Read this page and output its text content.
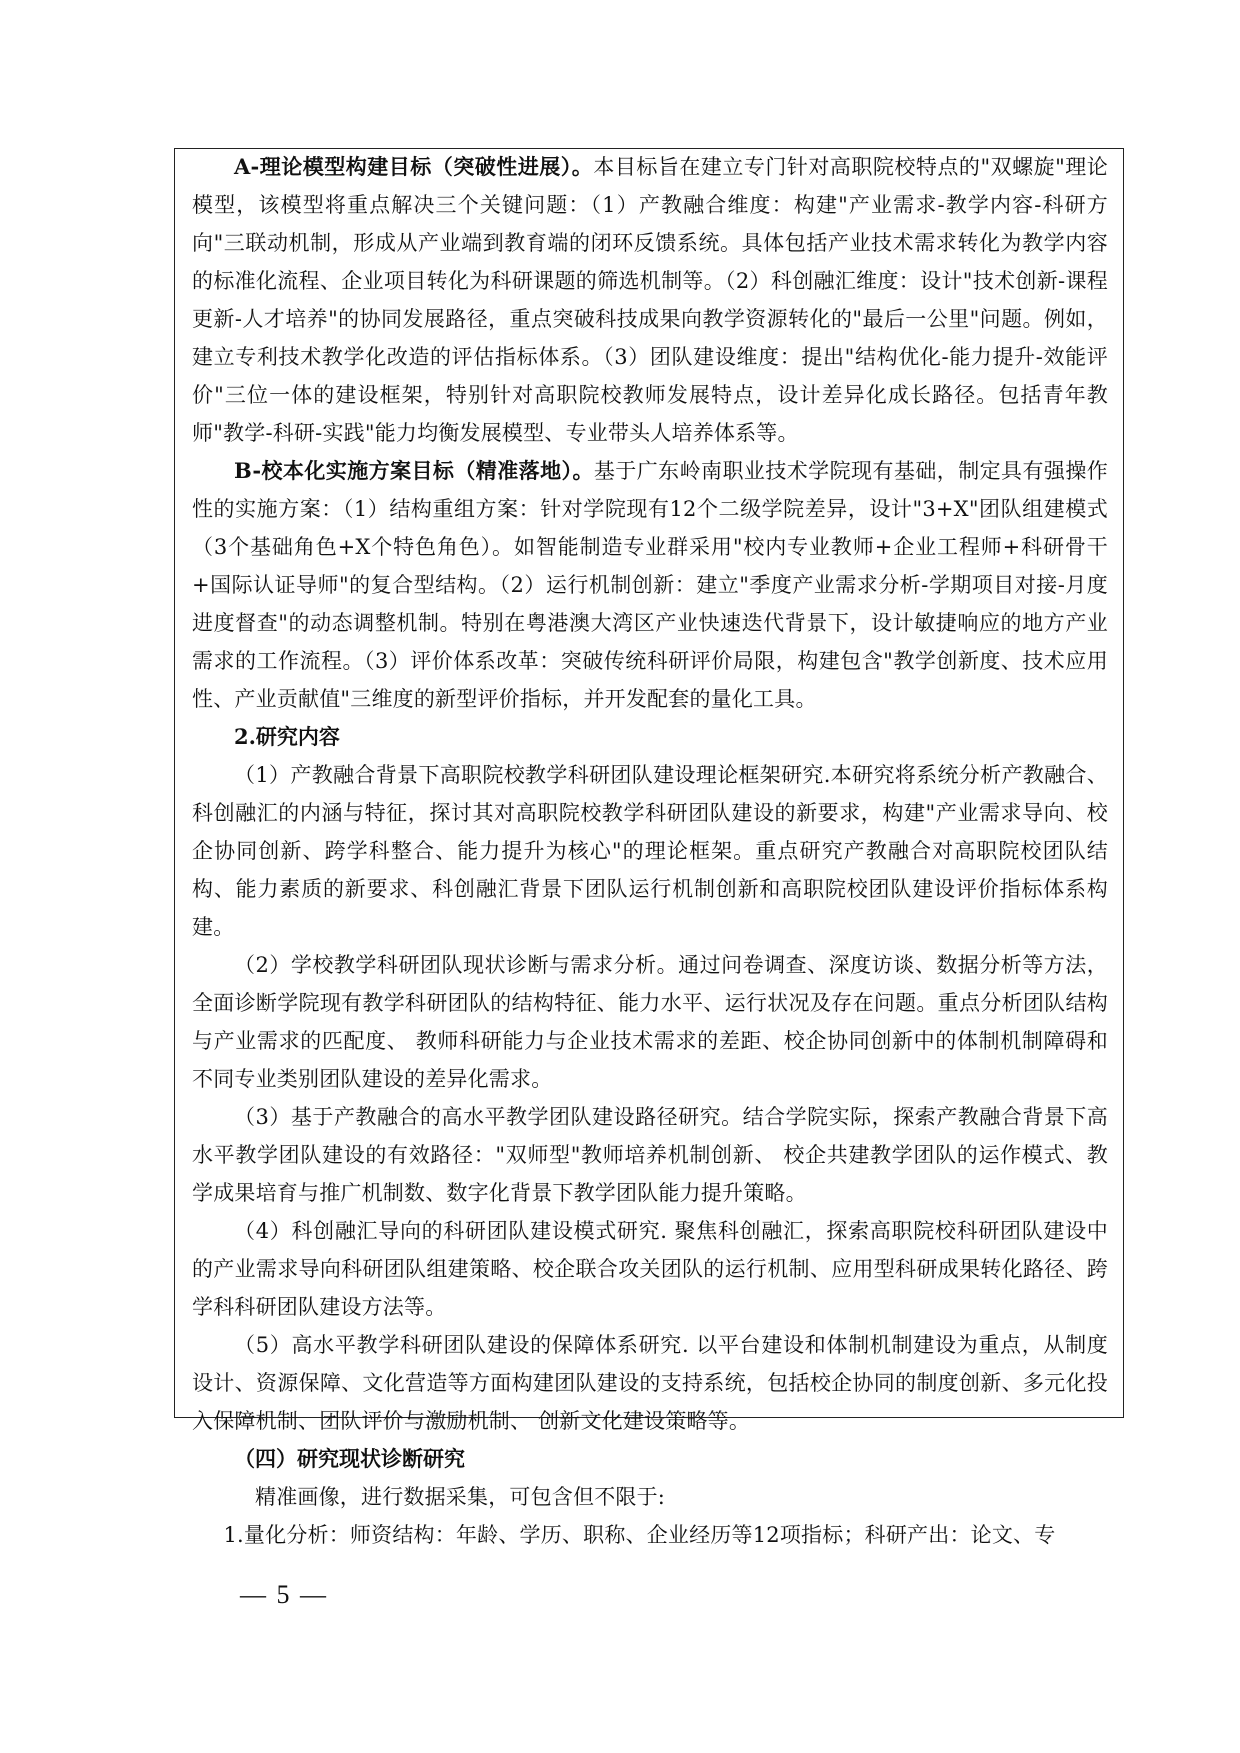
A-理论模型构建目标（突破性进展）。本目标旨在建立专门针对高职院校特点的"双螺旋"理论模型，该模型将重点解决三个关键问题：（1）产教融合维度：构建"产业需求-教学内容-科研方向"三联动机制，形成从产业端到教育端的闭环反馈系统。具体包括产业技术需求转化为教学内容的标准化流程、企业项目转化为科研课题的筛选机制等。（2）科创融汇维度：设计"技术创新-课程更新-人才培养"的协同发展路径，重点突破科技成果向教学资源转化的"最后一公里"问题。例如，建立专利技术教学化改造的评估指标体系。（3）团队建设维度：提出"结构优化-能力提升-效能评价"三位一体的建设框架，特别针对高职院校教师发展特点，设计差异化成长路径。包括青年教师"教学-科研-实践"能力均衡发展模型、专业带头人培养体系等。

B-校本化实施方案目标（精准落地）。基于广东岭南职业技术学院现有基础，制定具有强操作性的实施方案：（1）结构重组方案：针对学院现有12个二级学院差异，设计"3+X"团队组建模式（3个基础角色+X个特色角色）。如智能制造专业群采用"校内专业教师+企业工程师+科研骨干+国际认证导师"的复合型结构。（2）运行机制创新：建立"季度产业需求分析-学期项目对接-月度进度督查"的动态调整机制。特别在粤港澳大湾区产业快速迭代背景下，设计敏捷响应的地方产业需求的工作流程。（3）评价体系改革：突破传统科研评价局限，构建包含"教学创新度、技术应用性、产业贡献值"三维度的新型评价指标，并开发配套的量化工具。

2.研究内容

（1）产教融合背景下高职院校教学科研团队建设理论框架研究.本研究将系统分析产教融合、科创融汇的内涵与特征，探讨其对高职院校教学科研团队建设的新要求，构建"产业需求导向、校企协同创新、跨学科整合、能力提升为核心"的理论框架。重点研究产教融合对高职院校团队结构、能力素质的新要求、科创融汇背景下团队运行机制创新和高职院校团队建设评价指标体系构建。

（2）学校教学科研团队现状诊断与需求分析。通过问卷调查、深度访谈、数据分析等方法，全面诊断学院现有教学科研团队的结构特征、能力水平、运行状况及存在问题。重点分析团队结构与产业需求的匹配度、 教师科研能力与企业技术需求的差距、校企协同创新中的体制机制障碍和不同专业类别团队建设的差异化需求。

（3）基于产教融合的高水平教学团队建设路径研究。结合学院实际，探索产教融合背景下高水平教学团队建设的有效路径："双师型"教师培养机制创新、 校企共建教学团队的运作模式、教学成果培育与推广机制数、数字化背景下教学团队能力提升策略。

（4）科创融汇导向的科研团队建设模式研究. 聚焦科创融汇，探索高职院校科研团队建设中的产业需求导向科研团队组建策略、校企联合攻关团队的运行机制、应用型科研成果转化路径、跨学科科研团队建设方法等。

（5）高水平教学科研团队建设的保障体系研究. 以平台建设和体制机制建设为重点，从制度设计、资源保障、文化营造等方面构建团队建设的支持系统，包括校企协同的制度创新、多元化投入保障机制、团队评价与激励机制、 创新文化建设策略等。

（四）研究现状诊断研究

精准画像，进行数据采集，可包含但不限于:

1.量化分析：师资结构：年龄、学历、职称、企业经历等12项指标；科研产出：论文、专

— 5 —
